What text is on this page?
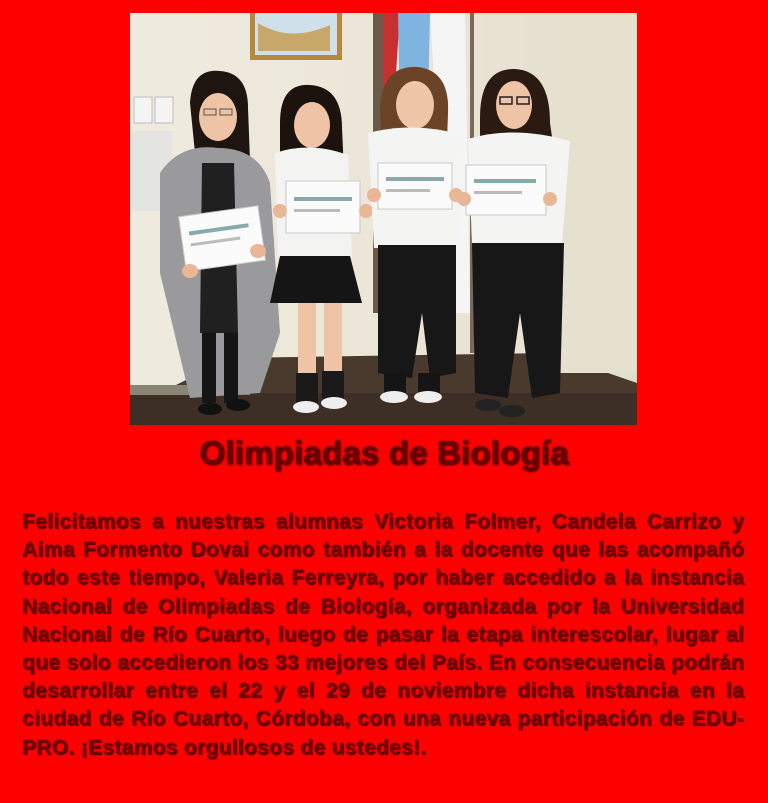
Olimpiadas de Biología
Felicitamos a nuestras alumnas Victoria Folmer, Candela Carrizo y Aima Formento Dovai como también a la docente que las acompañó todo este tiempo, Valeria Ferreyra, por haber accedido a la instancia Nacional de Olimpiadas de Biología, organizada por la Universidad Nacional de Río Cuarto, luego de pasar la etapa interescolar, lugar al que solo accedieron los 33 mejores del País. En consecuencia podrán desarrollar entre el 22 y el 29 de noviembre dicha instancia en la ciudad de Río Cuarto, Córdoba, con una nueva participación de EDU-PRO. ¡Estamos orgullosos de ustedes!.
